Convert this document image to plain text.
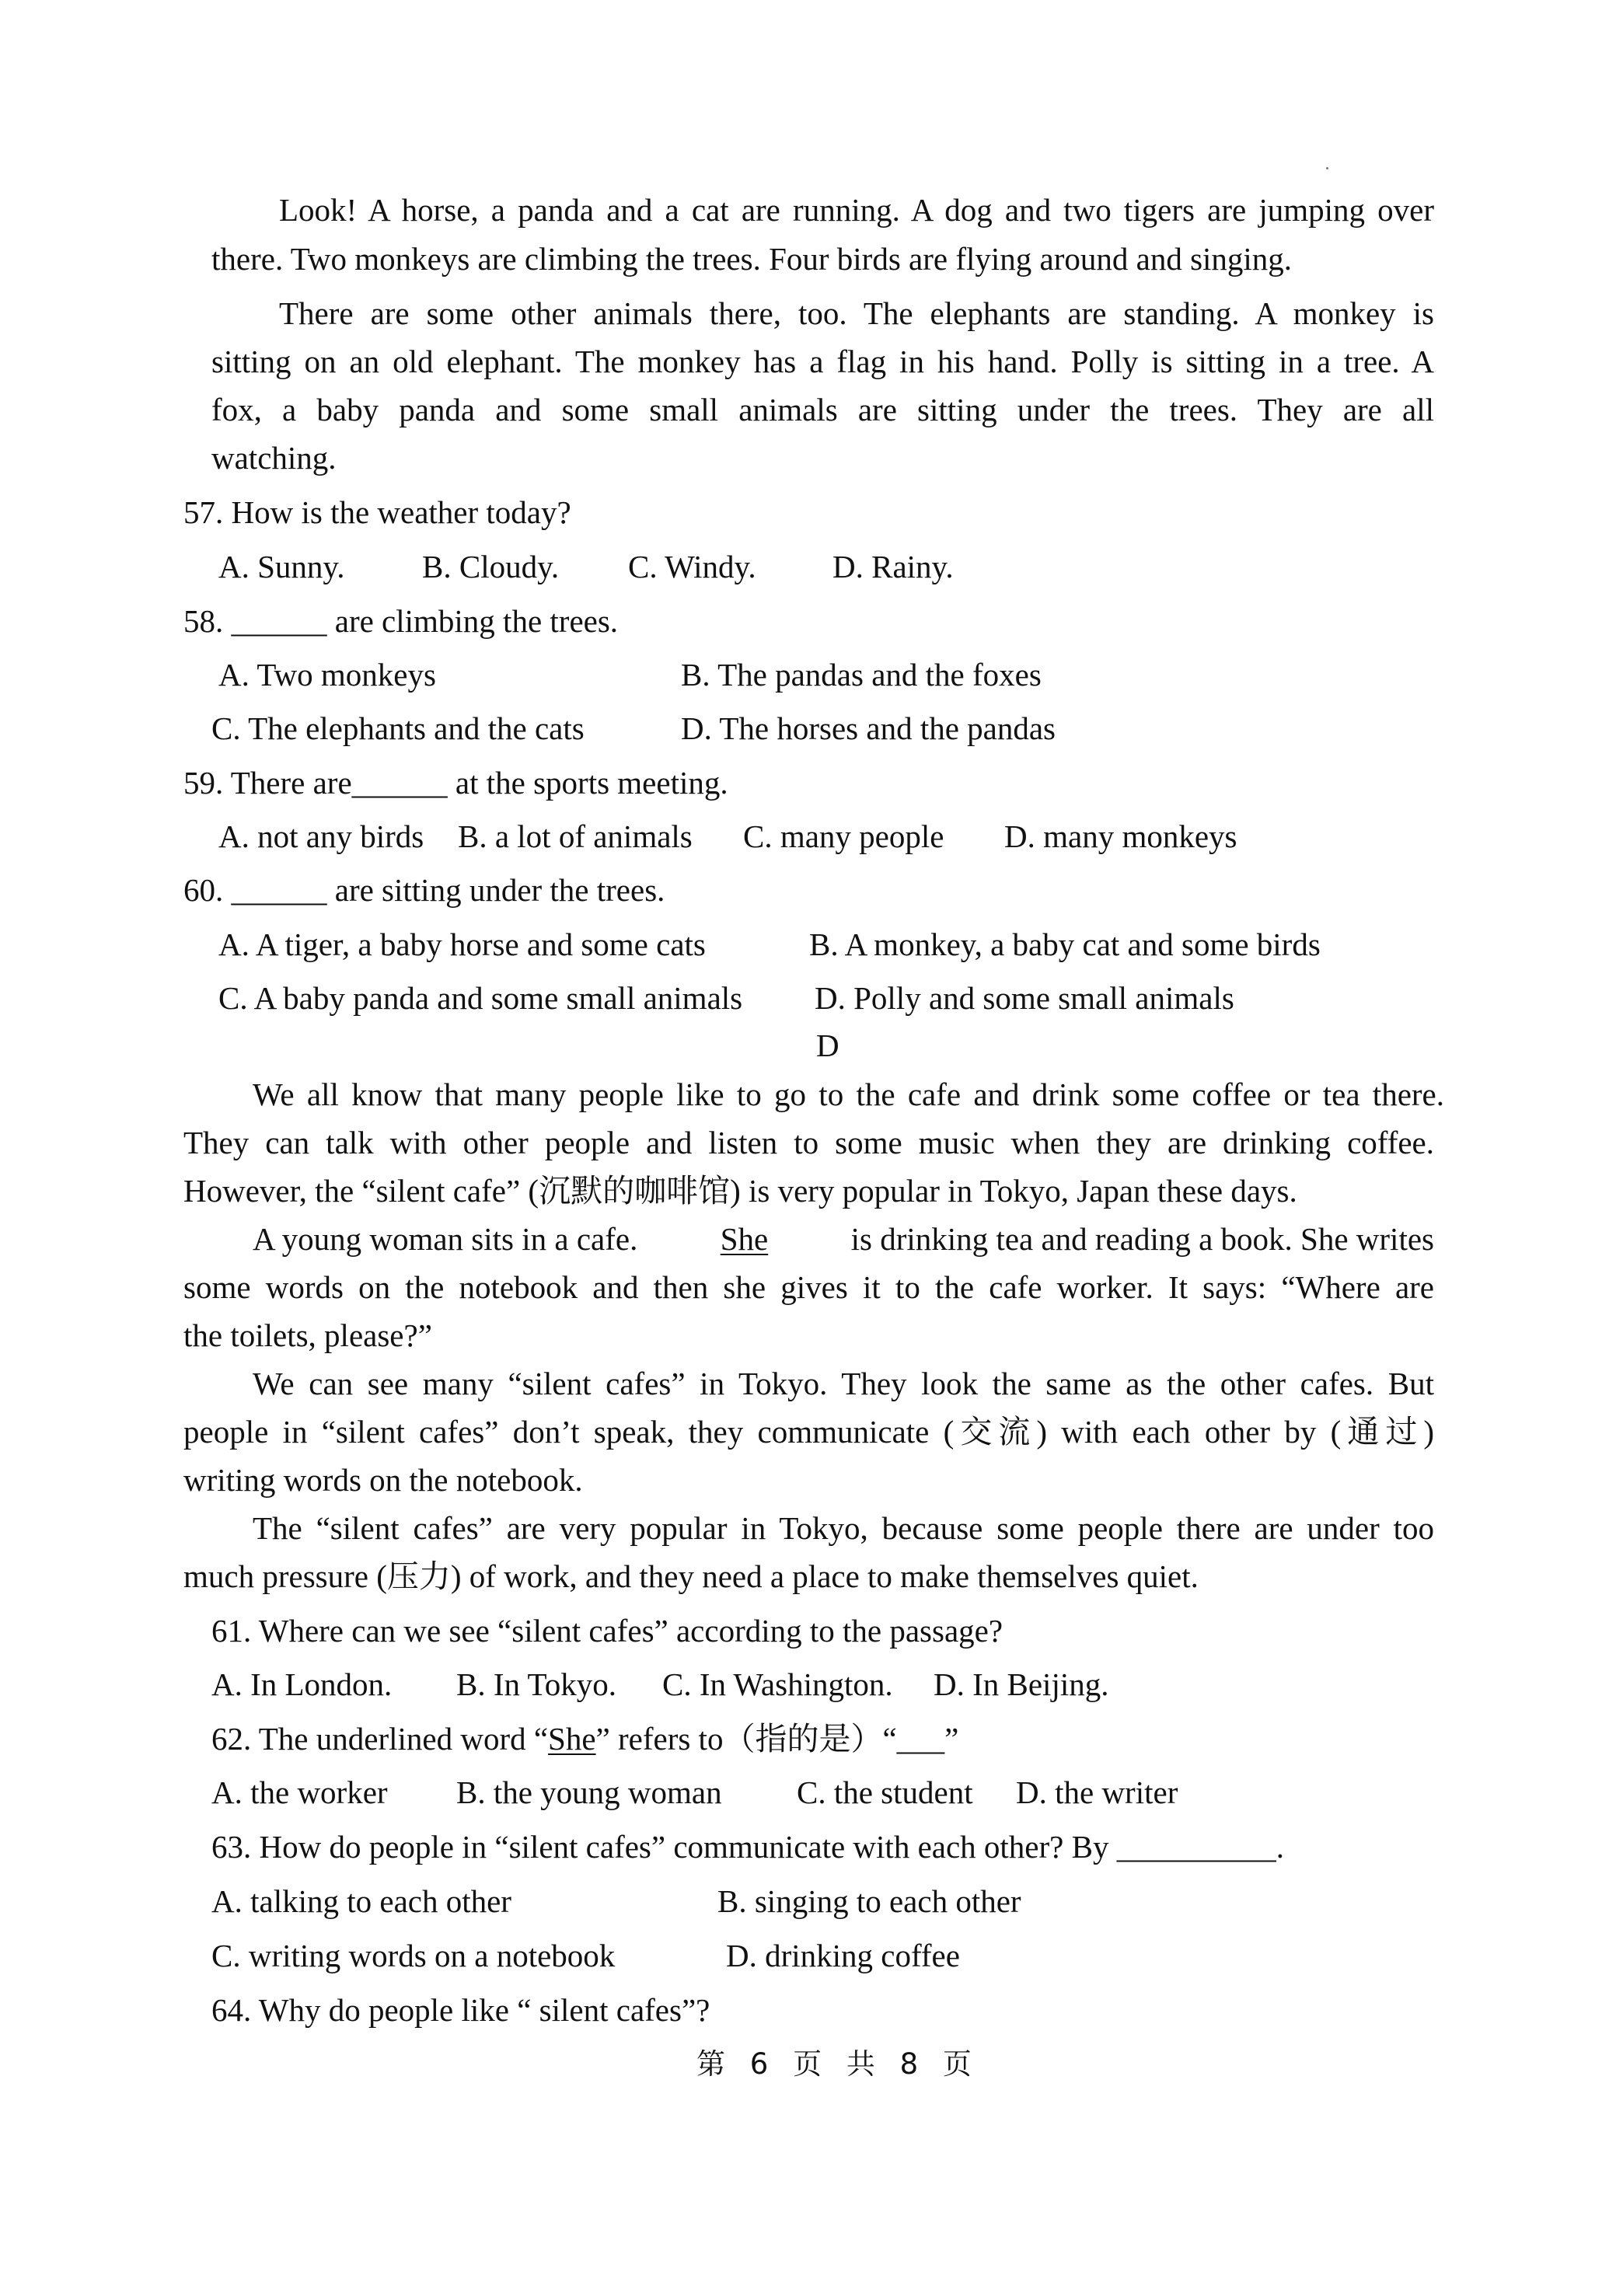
Look! A horse, a panda and a cat are running. A dog and two tigers are jumping over
there. Two monkeys are climbing the trees. Four birds are flying around and singing.
There are some other animals there, too. The elephants are standing. A monkey is
sitting on an old elephant. The monkey has a flag in his hand. Polly is sitting in a tree. A
fox, a baby panda and some small animals are sitting under the trees. They are all
watching.
57. How is the weather today?
A. Sunny. B. Cloudy. C. Windy. D. Rainy.
58. ______ are climbing the trees.
A. Two monkeys	B. The pandas and the foxes
C. The elephants and the cats	D. The horses and the pandas
59. There are______ at the sports meeting.
A. not any birds B. a lot of animals C. many people D. many monkeys
60. ______ are sitting under the trees.
A. A tiger, a baby horse and some cats	B. A monkey, a baby cat and some birds
C. A baby panda and some small animals D. Polly and some small animals
D
We all know that many people like to go to the cafe and drink some coffee or tea there.
They can talk with other people and listen to some music when they are drinking coffee.
However, the “silent cafe” (沉默的咖啡馆) is very popular in Tokyo, Japan these days.
A young woman sits in a cafe.	She	is drinking tea and reading a book. She writes
some words on the notebook and then she gives it to the cafe worker. It says: “Where are
the toilets, please?”
We can see many “silent cafes” in Tokyo. They look the same as the other cafes. But
people in “silent cafes” don’t speak, they communicate (交流) with each other by (通过)
writing words on the notebook.
The “silent cafes” are very popular in Tokyo, because some people there are under too
much pressure (压力) of work, and they need a place to make themselves quiet.
61. Where can we see “silent cafes” according to the passage?
A. In London. B. In Tokyo. C. In Washington. D. In Beijing.
62. The underlined word “She” refers to（指的是）“___”
A. the worker B. the young woman C. the student D. the writer
63. How do people in “silent cafes” communicate with each other? By __________.
A. talking to each other	B. singing to each other
C. writing words on a notebook	D. drinking coffee
64. Why do people like “ silent cafes”?
第 6 页 共 8 页
